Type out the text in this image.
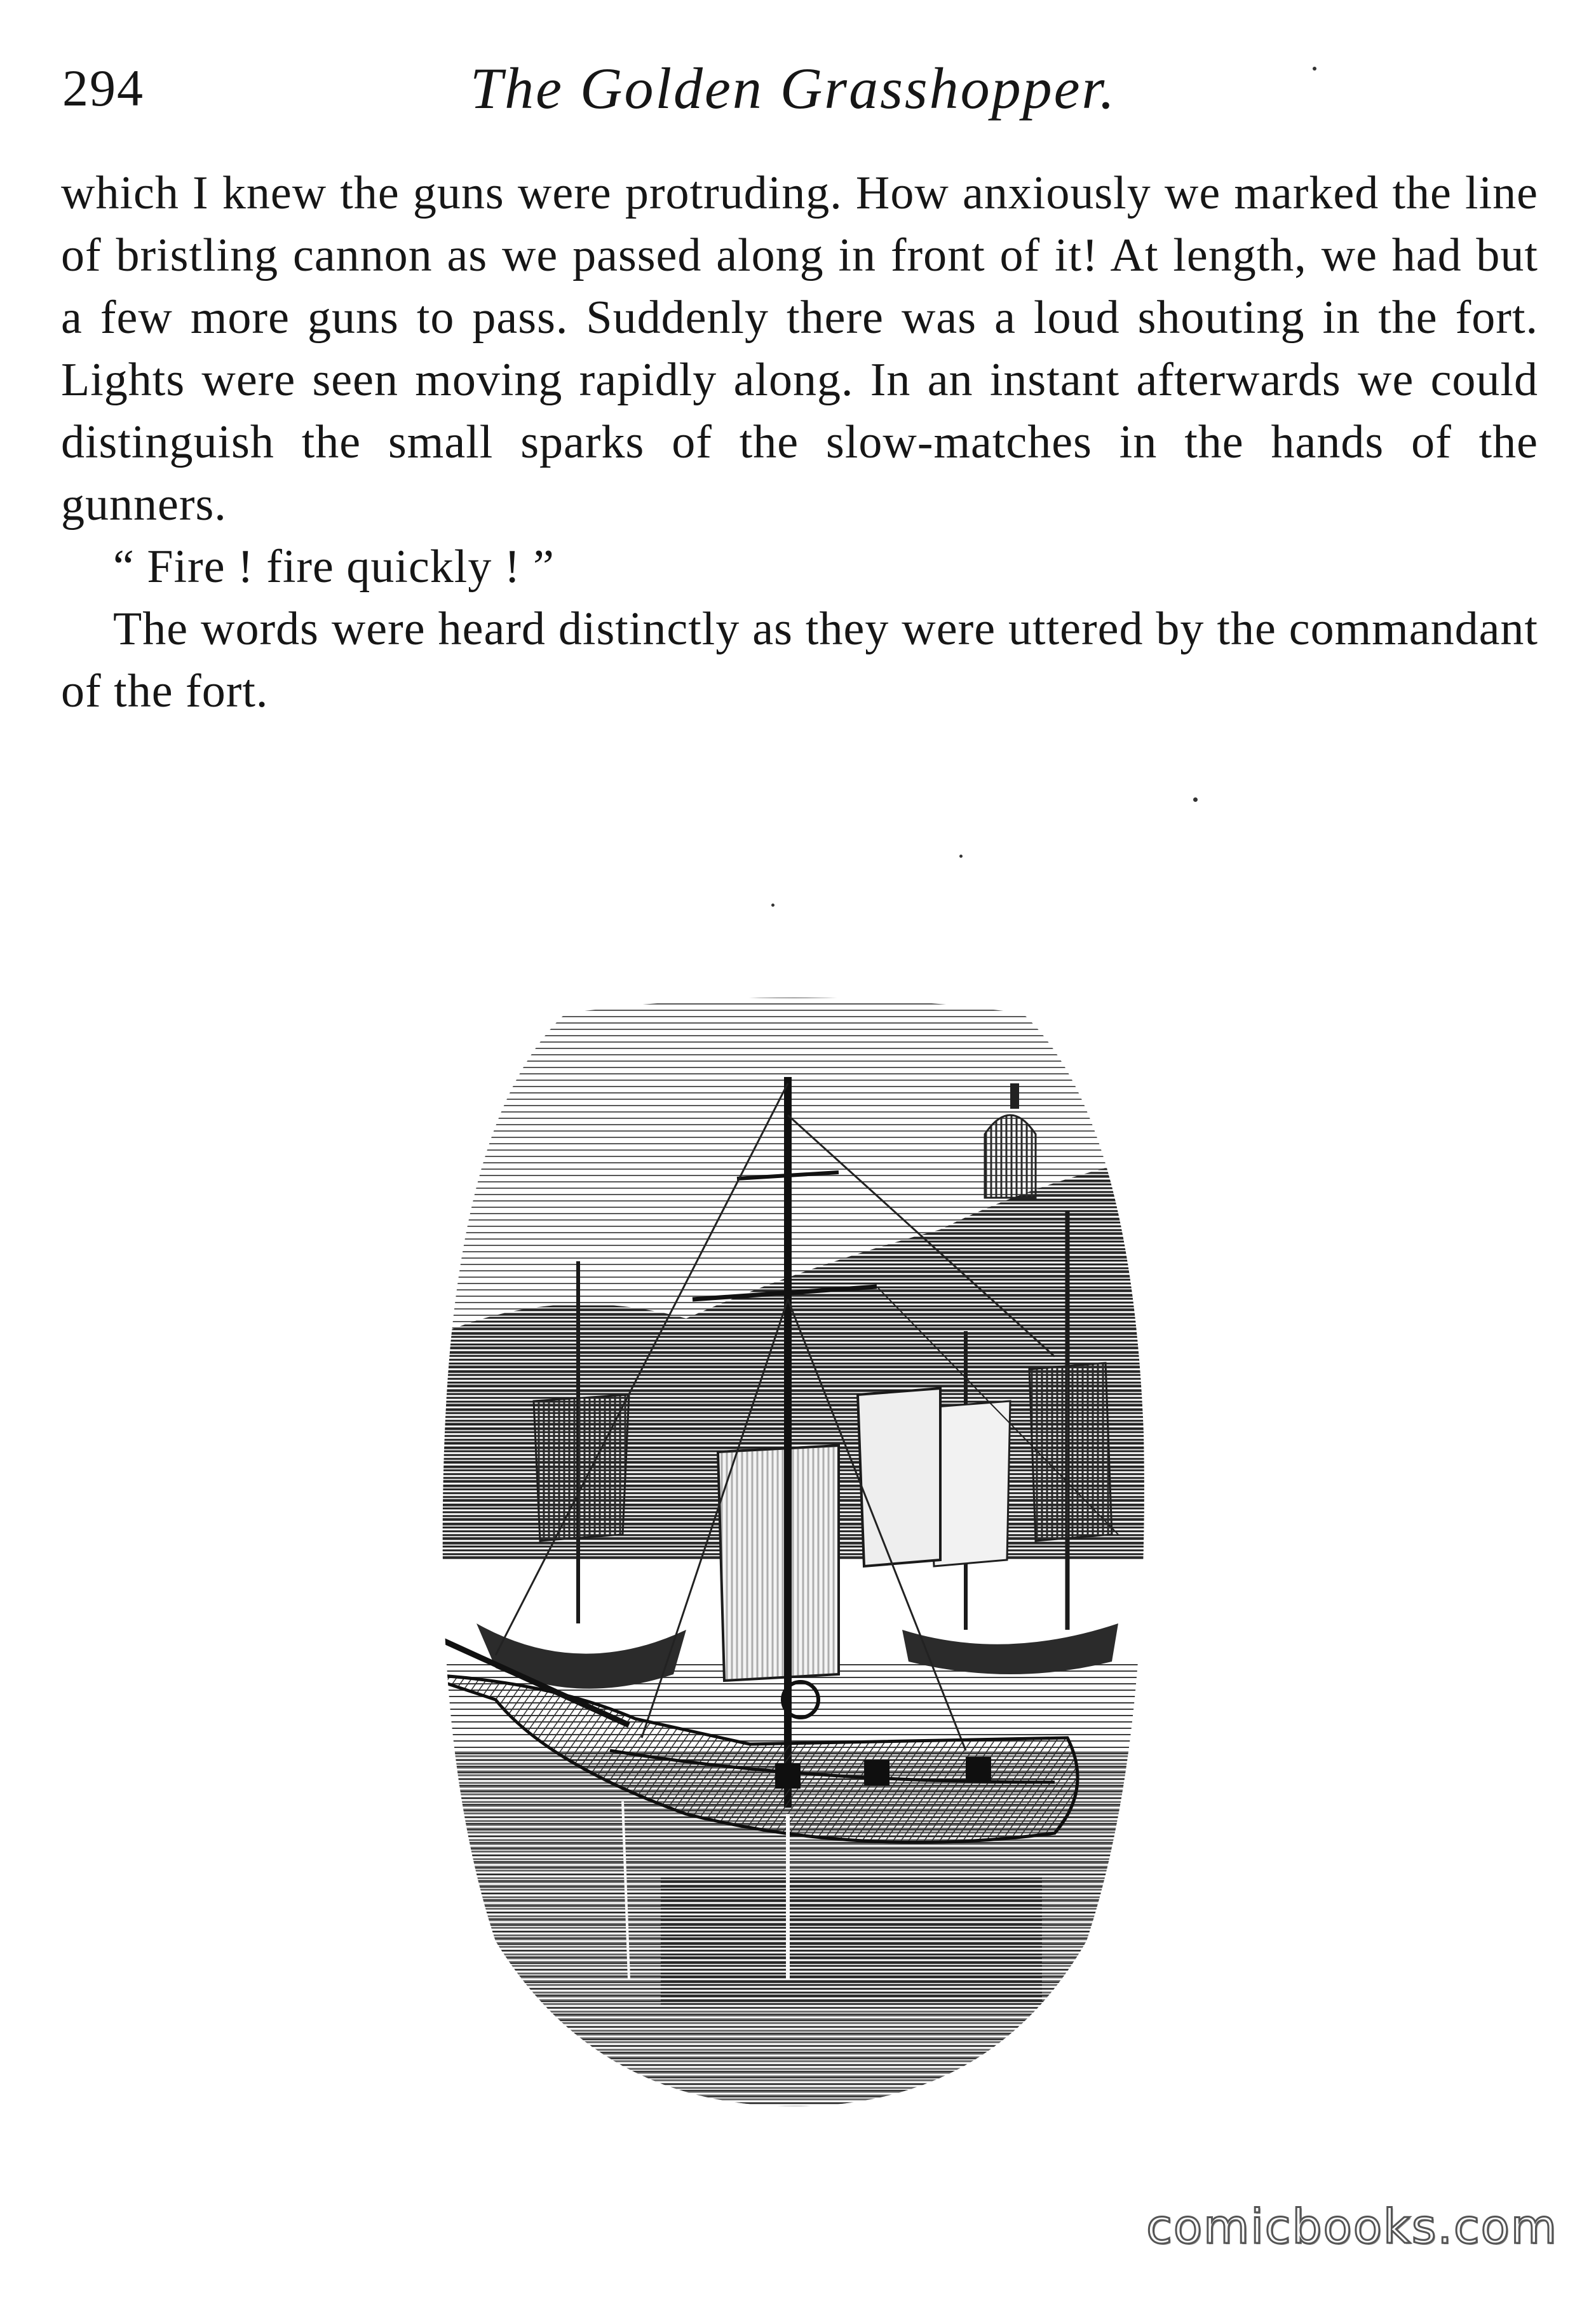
294	The Golden Grasshopper.

which I knew the guns were protruding. How anxiously we marked the line of bristling cannon as we passed along in front of it! At length, we had but a few more guns to pass. Suddenly there was a loud shouting in the fort. Lights were seen moving rapidly along. In an instant afterwards we could distinguish the small sparks of the slow-matches in the hands of the gunners.

“ Fire ! fire quickly ! ”

The words were heard distinctly as they were uttered by the commandant of the fort.

comicbooks.com
